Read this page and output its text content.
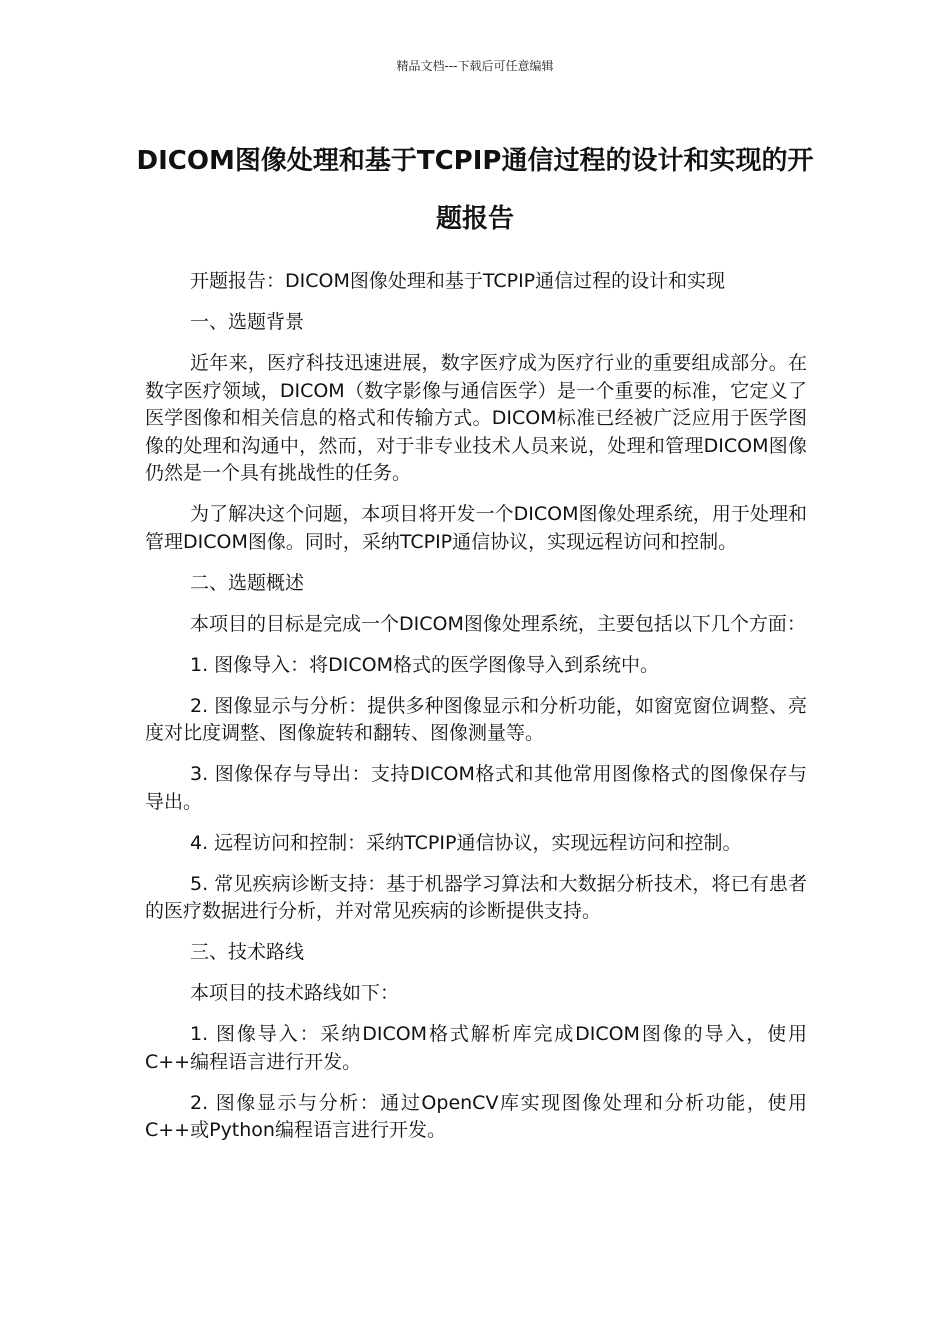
精品文档---下载后可任意编辑
DICOM图像处理和基于TCPIP通信过程的设计和实现的开题报告

开题报告：DICOM图像处理和基于TCPIP通信过程的设计和实现

一、选题背景

近年来，医疗科技迅速进展，数字医疗成为医疗行业的重要组成部分。在数字医疗领域，DICOM（数字影像与通信医学）是一个重要的标准，它定义了医学图像和相关信息的格式和传输方式。DICOM标准已经被广泛应用于医学图像的处理和沟通中，然而，对于非专业技术人员来说，处理和管理DICOM图像仍然是一个具有挑战性的任务。

为了解决这个问题，本项目将开发一个DICOM图像处理系统，用于处理和管理DICOM图像。同时，采纳TCPIP通信协议，实现远程访问和控制。

二、选题概述

本项目的目标是完成一个DICOM图像处理系统，主要包括以下几个方面：

1. 图像导入：将DICOM格式的医学图像导入到系统中。

2. 图像显示与分析：提供多种图像显示和分析功能，如窗宽窗位调整、亮度对比度调整、图像旋转和翻转、图像测量等。

3. 图像保存与导出：支持DICOM格式和其他常用图像格式的图像保存与导出。

4. 远程访问和控制：采纳TCPIP通信协议，实现远程访问和控制。

5. 常见疾病诊断支持：基于机器学习算法和大数据分析技术，将已有患者的医疗数据进行分析，并对常见疾病的诊断提供支持。

三、技术路线

本项目的技术路线如下：

1. 图像导入：采纳DICOM格式解析库完成DICOM图像的导入，使用C++编程语言进行开发。

2. 图像显示与分析：通过OpenCV库实现图像处理和分析功能，使用C++或Python编程语言进行开发。
